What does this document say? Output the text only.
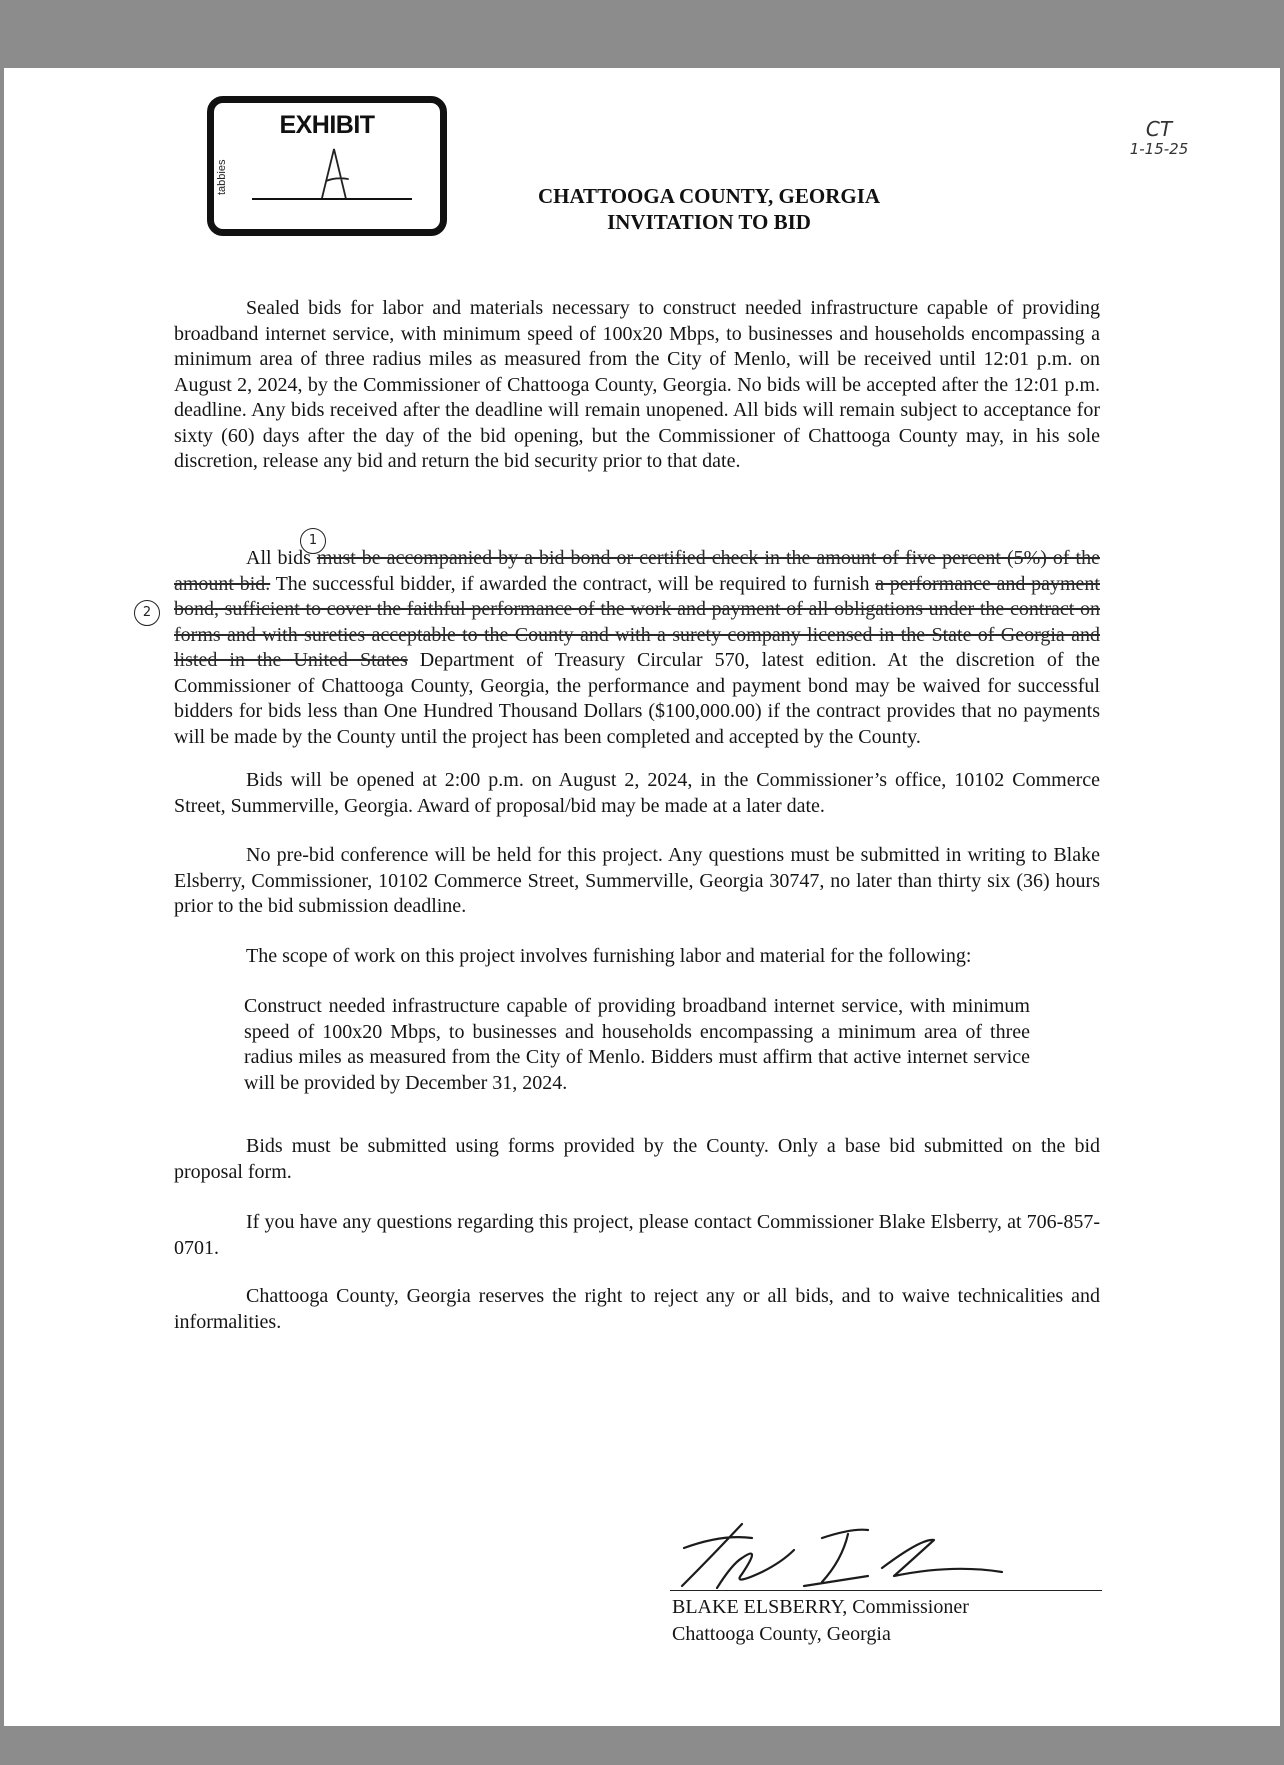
EXHIBIT
tabbies
CT
1-15-25
CHATTOOGA COUNTY, GEORGIA
INVITATION TO BID

Sealed bids for labor and materials necessary to construct needed infrastructure capable of providing broadband internet service, with minimum speed of 100x20 Mbps, to businesses and households encompassing a minimum area of three radius miles as measured from the City of Menlo, will be received until 12:01 p.m. on August 2, 2024, by the Commissioner of Chattooga County, Georgia. No bids will be accepted after the 12:01 p.m. deadline. Any bids received after the deadline will remain unopened. All bids will remain subject to acceptance for sixty (60) days after the day of the bid opening, but the Commissioner of Chattooga County may, in his sole discretion, release any bid and return the bid security prior to that date.

1
2

All bids must be accompanied by a bid bond or certified check in the amount of five percent (5%) of the amount bid. The successful bidder, if awarded the contract, will be required to furnish a performance and payment bond, sufficient to cover the faithful performance of the work and payment of all obligations under the contract on forms and with sureties acceptable to the County and with a surety company licensed in the State of Georgia and listed in the United States Department of Treasury Circular 570, latest edition. At the discretion of the Commissioner of Chattooga County, Georgia, the performance and payment bond may be waived for successful bidders for bids less than One Hundred Thousand Dollars ($100,000.00) if the contract provides that no payments will be made by the County until the project has been completed and accepted by the County.

Bids will be opened at 2:00 p.m. on August 2, 2024, in the Commissioner’s office, 10102 Commerce Street, Summerville, Georgia. Award of proposal/bid may be made at a later date.

No pre-bid conference will be held for this project. Any questions must be submitted in writing to Blake Elsberry, Commissioner, 10102 Commerce Street, Summerville, Georgia 30747, no later than thirty six (36) hours prior to the bid submission deadline.

The scope of work on this project involves furnishing labor and material for the following:

Construct needed infrastructure capable of providing broadband internet service, with minimum speed of 100x20 Mbps, to businesses and households encompassing a minimum area of three radius miles as measured from the City of Menlo. Bidders must affirm that active internet service will be provided by December 31, 2024.

Bids must be submitted using forms provided by the County. Only a base bid submitted on the bid proposal form.

If you have any questions regarding this project, please contact Commissioner Blake Elsberry, at 706-857-0701.

Chattooga County, Georgia reserves the right to reject any or all bids, and to waive technicalities and informalities.

BLAKE ELSBERRY, Commissioner
Chattooga County, Georgia
